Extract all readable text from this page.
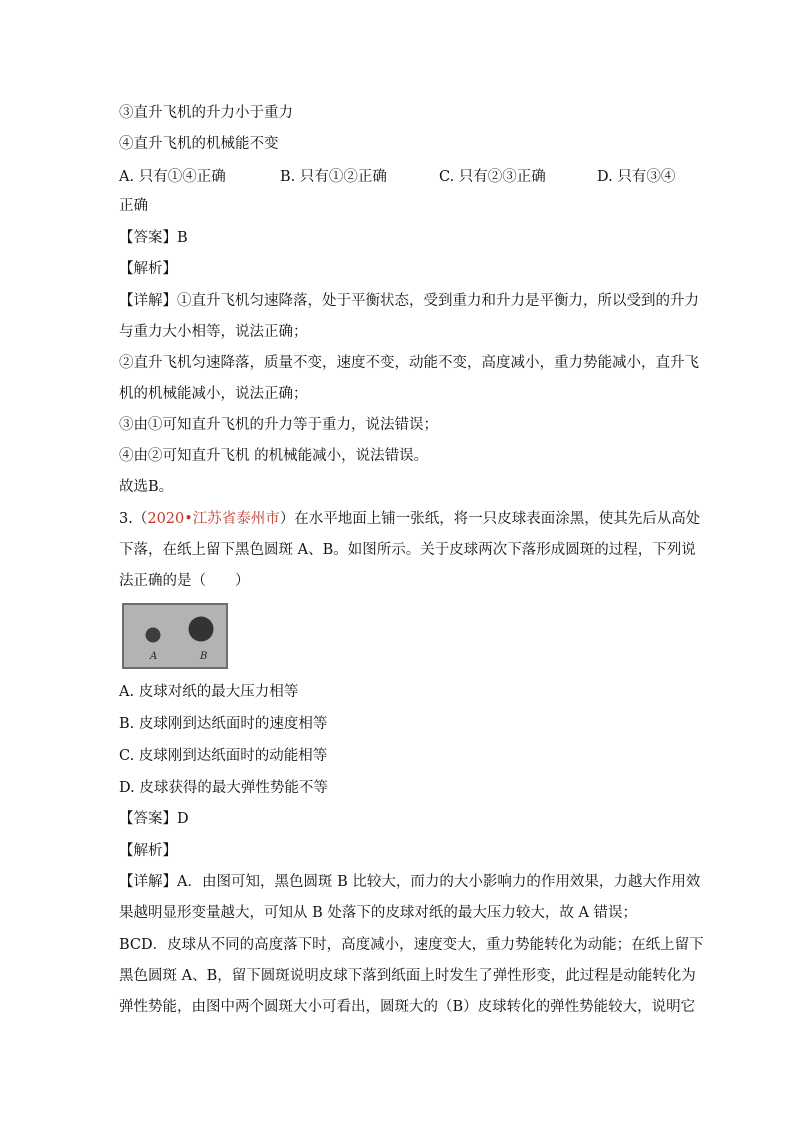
③直升飞机的升力小于重力
④直升飞机的机械能不变
A. 只有①④正确	B. 只有①②正确	C. 只有②③正确	D. 只有③④
正确
【答案】B
【解析】
【详解】①直升飞机匀速降落，处于平衡状态，受到重力和升力是平衡力，所以受到的升力
与重力大小相等，说法正确；
②直升飞机匀速降落，质量不变，速度不变，动能不变，高度减小，重力势能减小，直升飞
机的机械能减小，说法正确；
③由①可知直升飞机的升力等于重力，说法错误；
④由②可知直升飞机 的机械能减小，说法错误。
故选B。
3.（2020•江苏省泰州市）在水平地面上铺一张纸，将一只皮球表面涂黑，使其先后从高处
下落，在纸上留下黑色圆斑 A、B。如图所示。关于皮球两次下落形成圆斑的过程，下列说
法正确的是（　　）
A	B
A. 皮球对纸的最大压力相等
B. 皮球刚到达纸面时的速度相等
C. 皮球刚到达纸面时的动能相等
D. 皮球获得的最大弹性势能不等
【答案】D
【解析】
【详解】A．由图可知，黑色圆斑 B 比较大，而力的大小影响力的作用效果，力越大作用效
果越明显形变量越大，可知从 B 处落下的皮球对纸的最大压力较大，故 A 错误；
BCD．皮球从不同的高度落下时，高度减小，速度变大，重力势能转化为动能；在纸上留下
黑色圆斑 A、B，留下圆斑说明皮球下落到纸面上时发生了弹性形变，此过程是动能转化为
弹性势能，由图中两个圆斑大小可看出，圆斑大的（B）皮球转化的弹性势能较大，说明它
